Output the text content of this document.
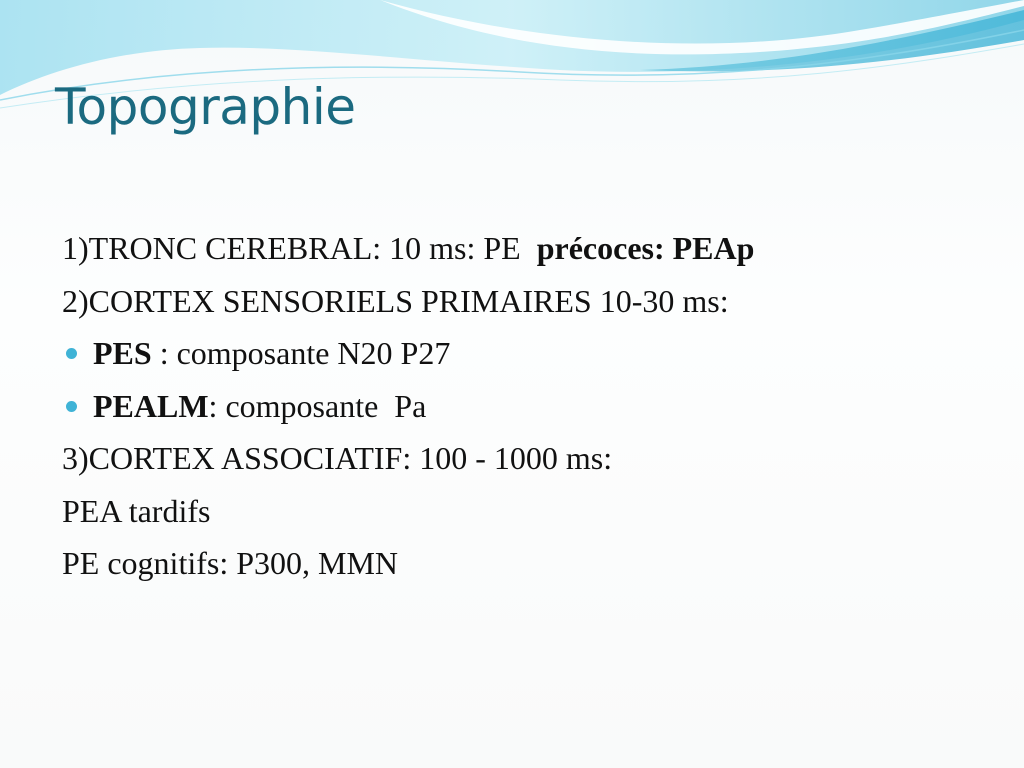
Topographie
1)TRONC CEREBRAL: 10 ms: PE  précoces: PEAp
2)CORTEX SENSORIELS PRIMAIRES 10-30 ms:
PES : composante N20 P27
PEALM: composante  Pa
3)CORTEX ASSOCIATIF: 100 - 1000 ms:
PEA tardifs
PE cognitifs: P300, MMN
